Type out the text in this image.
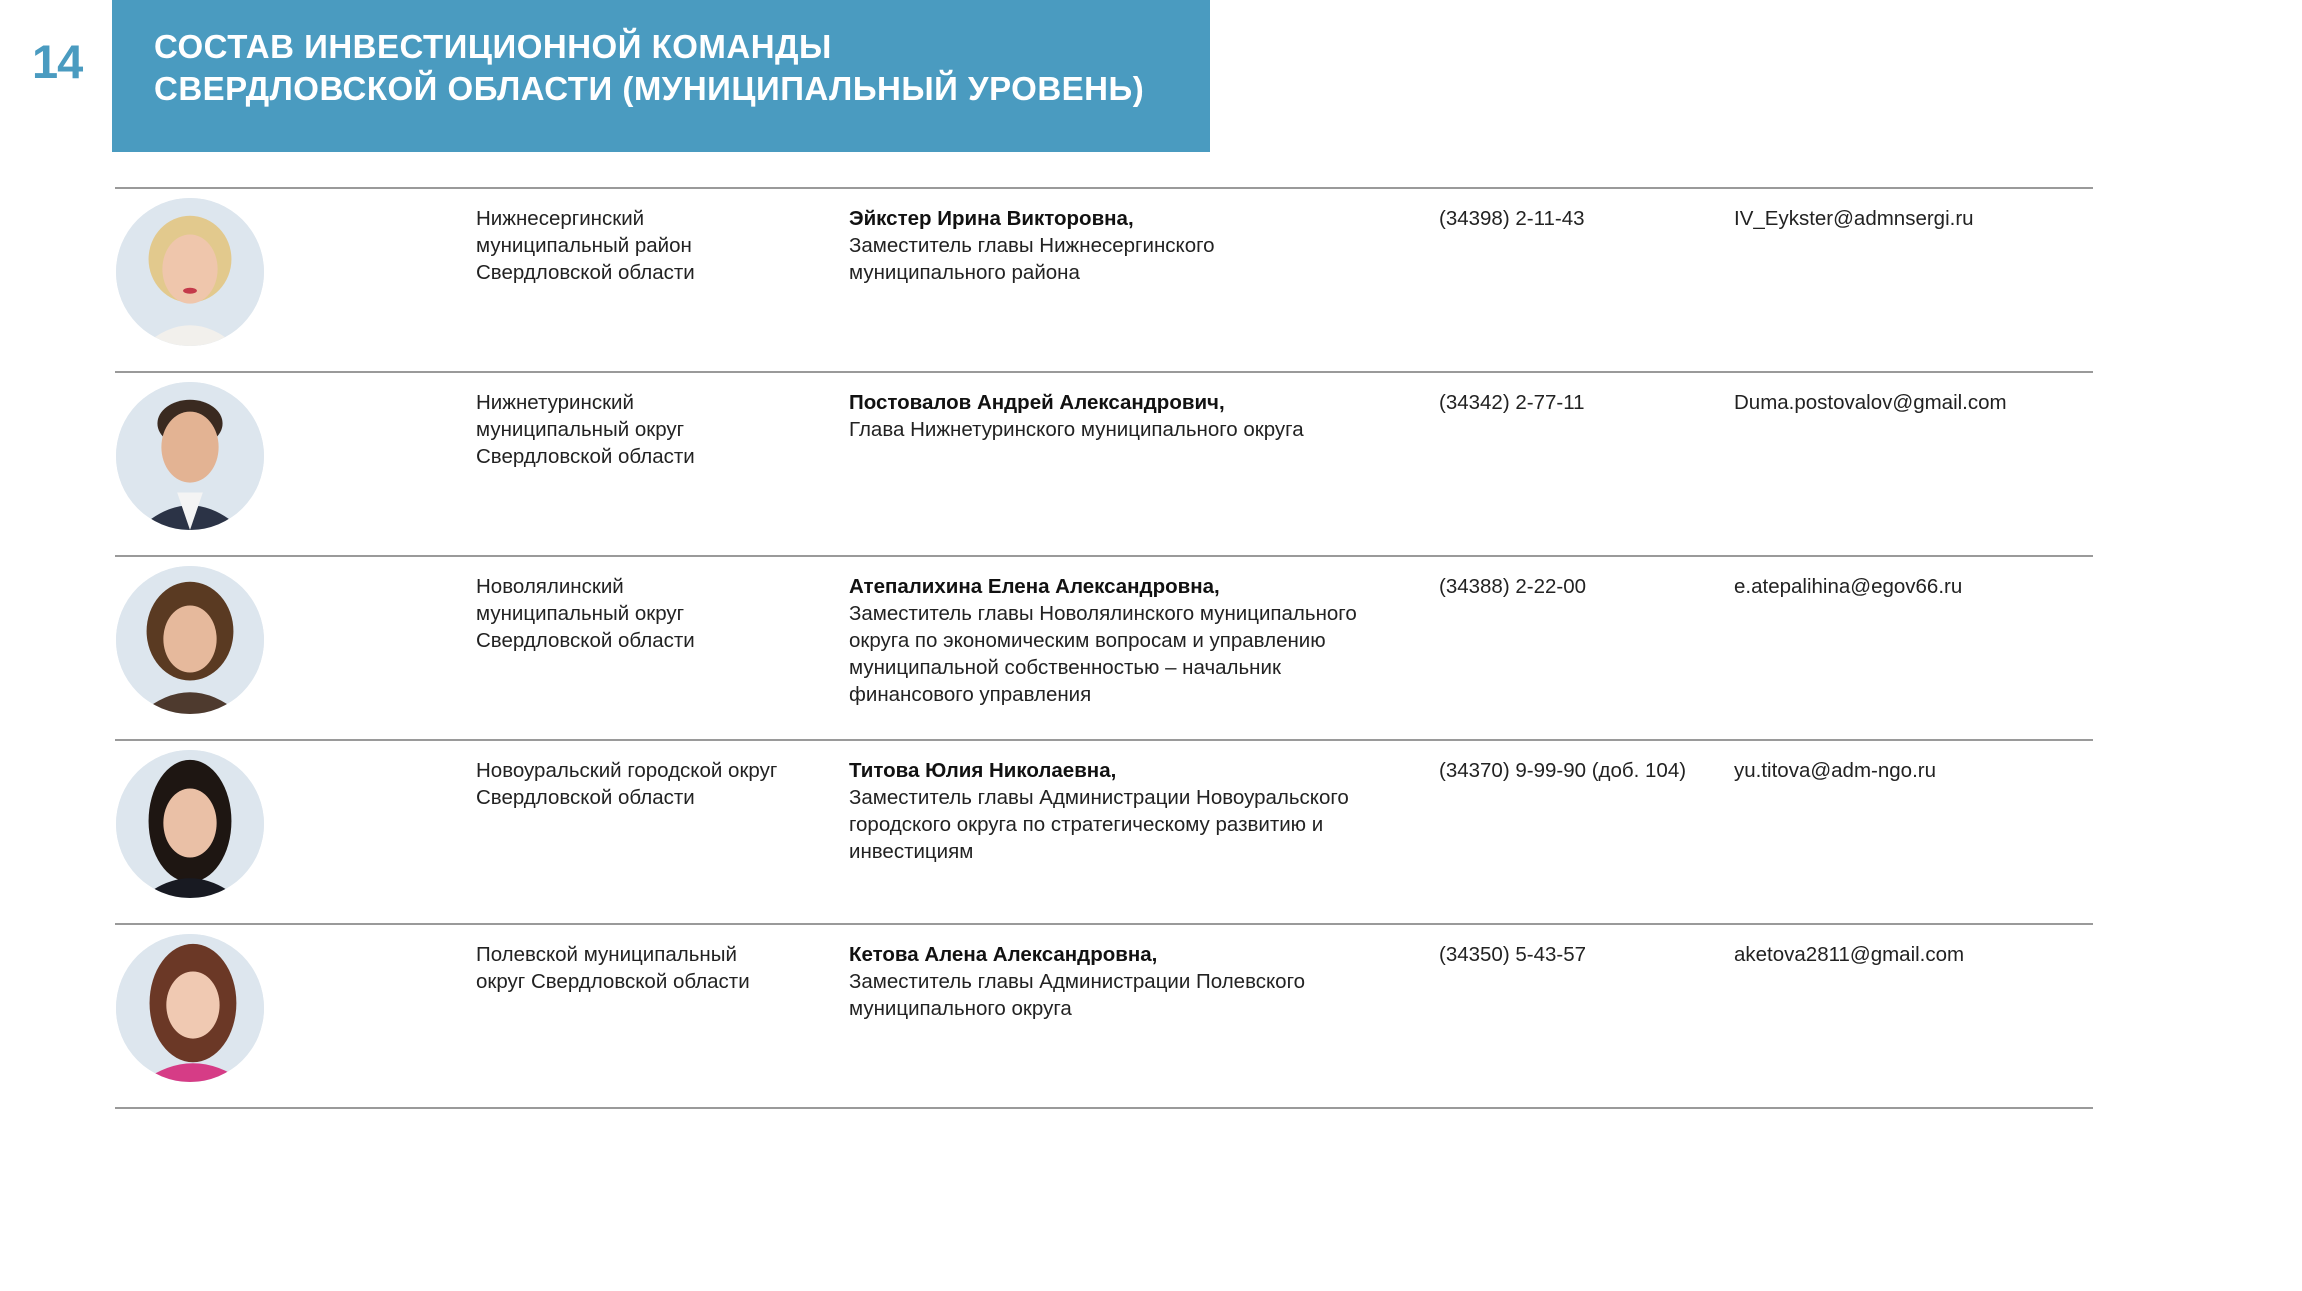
14 СОСТАВ ИНВЕСТИЦИОННОЙ КОМАНДЫ
СВЕРДЛОВСКОЙ ОБЛАСТИ (МУНИЦИПАЛЬНЫЙ УРОВЕНЬ)
Нижнесергинский
муниципальный район
Свердловской области
Эйкстер Ирина Викторовна,
Заместитель главы Нижнесергинского
муниципального района
(34398) 2-11-43	IV_Eykster@admnsergi.ru
Нижнетуринский
муниципальный округ
Свердловской области
Постовалов Андрей Александрович,
Глава Нижнетуринского муниципального округа
(34342) 2-77-11	Duma.postovalov@gmail.com
Новолялинский
муниципальный округ
Свердловской области
Атепалихина Елена Александровна,
Заместитель главы Новолялинского муниципального
округа по экономическим вопросам и управлению
муниципальной собственностью – начальник
финансового управления
(34388) 2-22-00	e.atepalihina@egov66.ru
Новоуральский городской округ
Свердловской области
Титова Юлия Николаевна,
Заместитель главы Администрации Новоуральского
городского округа по стратегическому развитию и
инвестициям
(34370) 9-99-90 (доб. 104)	yu.titova@adm-ngo.ru
Полевской муниципальный
округ Свердловской области
Кетова Алена Александровна,
Заместитель главы Администрации Полевского
муниципального округа
(34350) 5-43-57	aketova2811@gmail.com
